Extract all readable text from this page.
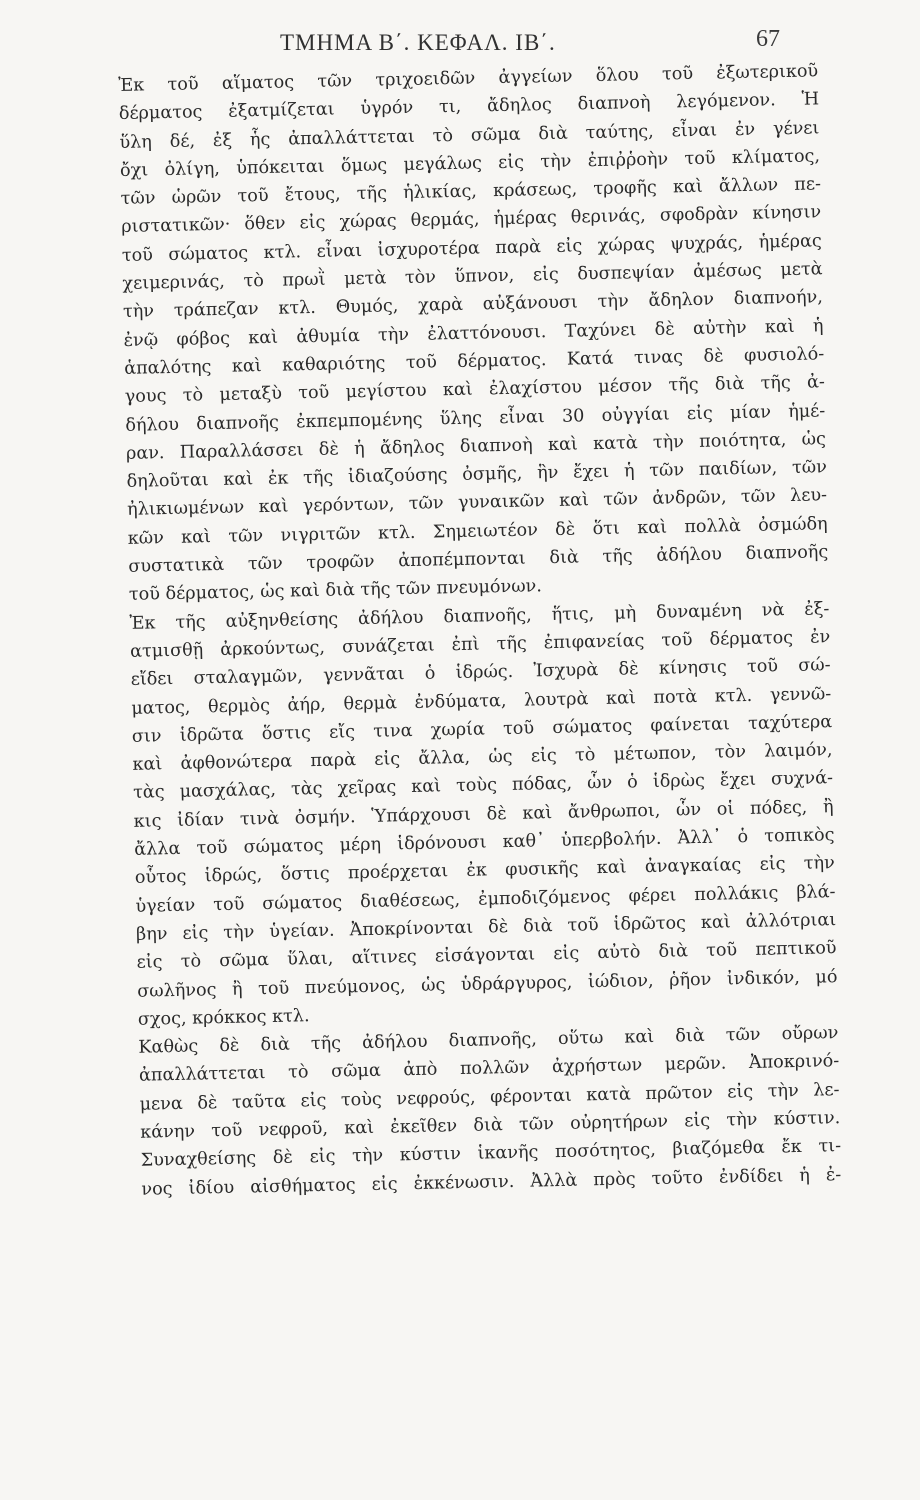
ΤΜΗΜΑ Β΄. ΚΕΦΑΛ. ΙΒ΄.	67
Ἐκ τοῦ αἵματος τῶν τριχοειδῶν ἀγγείων ὅλου τοῦ ἐξωτερικοῦ
δέρματος ἐξατμίζεται ὑγρόν τι, ἄδηλος διαπνοὴ λεγόμενον. Ἡ
ὕλη δέ, ἐξ ἧς ἀπαλλάττεται τὸ σῶμα διὰ ταύτης, εἶναι ἐν γένει
ὄχι ὀλίγη, ὑπόκειται ὅμως μεγάλως εἰς τὴν ἐπιῤῥοὴν τοῦ κλίματος,
τῶν ὡρῶν τοῦ ἔτους, τῆς ἡλικίας, κράσεως, τροφῆς καὶ ἄλλων πε-
ριστατικῶν· ὅθεν εἰς χώρας θερμάς, ἡμέρας θερινάς, σφοδρὰν κίνησιν
τοῦ σώματος κτλ. εἶναι ἰσχυροτέρα παρὰ εἰς χώρας ψυχράς, ἡμέρας
χειμερινάς, τὸ πρωῒ μετὰ τὸν ὕπνον, εἰς δυσπεψίαν ἀμέσως μετὰ
τὴν τράπεζαν κτλ. Θυμός, χαρὰ αὐξάνουσι τὴν ἄδηλον διαπνοήν,
ἐνῷ φόβος καὶ ἀθυμία τὴν ἐλαττόνουσι. Ταχύνει δὲ αὐτὴν καὶ ἡ
ἁπαλότης καὶ καθαριότης τοῦ δέρματος. Κατά τινας δὲ φυσιολό-
γους τὸ μεταξὺ τοῦ μεγίστου καὶ ἐλαχίστου μέσον τῆς διὰ τῆς ἀ-
δήλου διαπνοῆς ἐκπεμπομένης ὕλης εἶναι 30 οὐγγίαι εἰς μίαν ἡμέ-
ραν. Παραλλάσσει δὲ ἡ ἄδηλος διαπνοὴ καὶ κατὰ τὴν ποιότητα, ὡς
δηλοῦται καὶ ἐκ τῆς ἰδιαζούσης ὀσμῆς, ἣν ἔχει ἡ τῶν παιδίων, τῶν
ἠλικιωμένων καὶ γερόντων, τῶν γυναικῶν καὶ τῶν ἀνδρῶν, τῶν λευ-
κῶν καὶ τῶν νιγριτῶν κτλ. Σημειωτέον δὲ ὅτι καὶ πολλὰ ὀσμώδη
συστατικὰ τῶν τροφῶν ἀποπέμπονται διὰ τῆς ἀδήλου διαπνοῆς
τοῦ δέρματος, ὡς καὶ διὰ τῆς τῶν πνευμόνων.
Ἐκ τῆς αὐξηνθείσης ἀδήλου διαπνοῆς, ἥτις, μὴ δυναμένη νὰ ἐξ-
ατμισθῇ ἀρκούντως, συνάζεται ἐπὶ τῆς ἐπιφανείας τοῦ δέρματος ἐν
εἴδει σταλαγμῶν, γεννᾶται ὁ ἱδρώς. Ἰσχυρὰ δὲ κίνησις τοῦ σώ-
ματος, θερμὸς ἀήρ, θερμὰ ἐνδύματα, λουτρὰ καὶ ποτὰ κτλ. γεννῶ-
σιν ἱδρῶτα ὅστις εἴς τινα χωρία τοῦ σώματος φαίνεται ταχύτερα
καὶ ἀφθονώτερα παρὰ εἰς ἄλλα, ὡς εἰς τὸ μέτωπον, τὸν λαιμόν,
τὰς μασχάλας, τὰς χεῖρας καὶ τοὺς πόδας, ὧν ὁ ἱδρὼς ἔχει συχνά-
κις ἰδίαν τινὰ ὀσμήν. Ὑπάρχουσι δὲ καὶ ἄνθρωποι, ὧν οἱ πόδες, ἢ
ἄλλα τοῦ σώματος μέρη ἱδρόνουσι καθ᾽ ὑπερβολήν. Ἀλλ᾽ ὁ τοπικὸς
οὗτος ἱδρώς, ὅστις προέρχεται ἐκ φυσικῆς καὶ ἀναγκαίας εἰς τὴν
ὑγείαν τοῦ σώματος διαθέσεως, ἐμποδιζόμενος φέρει πολλάκις βλά-
βην εἰς τὴν ὑγείαν. Ἀποκρίνονται δὲ διὰ τοῦ ἱδρῶτος καὶ ἀλλότριαι
εἰς τὸ σῶμα ὕλαι, αἵτινες εἰσάγονται εἰς αὐτὸ διὰ τοῦ πεπτικοῦ
σωλῆνος ἢ τοῦ πνεύμονος, ὡς ὑδράργυρος, ἰώδιον, ῥῆον ἰνδικόν, μό
σχος, κρόκκος κτλ.
Καθὼς δὲ διὰ τῆς ἀδήλου διαπνοῆς, οὕτω καὶ διὰ τῶν οὔρων
ἀπαλλάττεται τὸ σῶμα ἀπὸ πολλῶν ἀχρήστων μερῶν. Ἀποκρινό-
μενα δὲ ταῦτα εἰς τοὺς νεφρούς, φέρονται κατὰ πρῶτον εἰς τὴν λε-
κάνην τοῦ νεφροῦ, καὶ ἐκεῖθεν διὰ τῶν οὐρητήρων εἰς τὴν κύστιν.
Συναχθείσης δὲ εἰς τὴν κύστιν ἱκανῆς ποσότητος, βιαζόμεθα ἔκ τι-
νος ἰδίου αἰσθήματος εἰς ἐκκένωσιν. Ἀλλὰ πρὸς τοῦτο ἐνδίδει ἡ ἐ-
